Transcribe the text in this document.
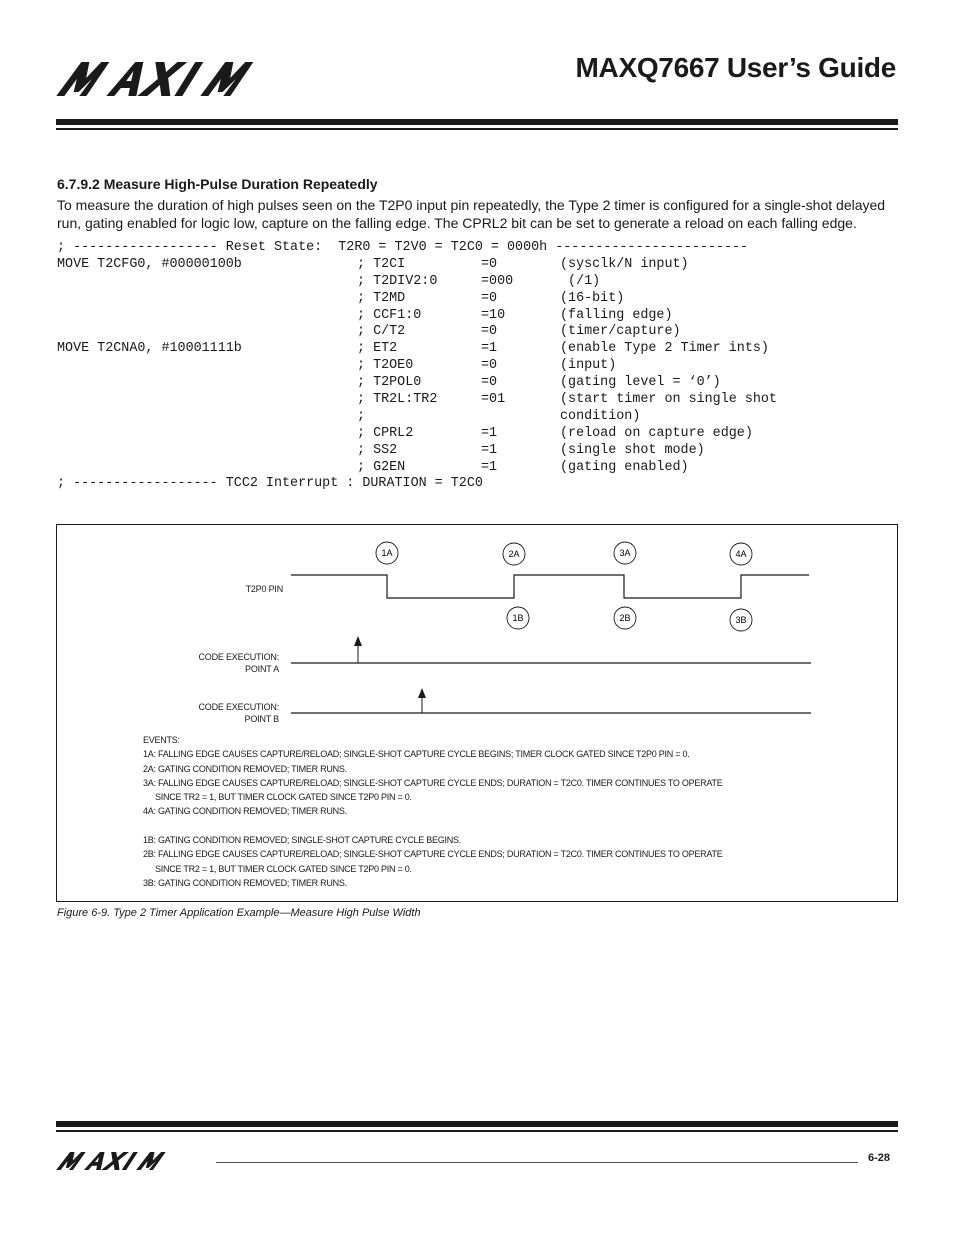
MAXQ7667 User’s Guide
6.7.9.2 Measure High-Pulse Duration Repeatedly
To measure the duration of high pulses seen on the T2P0 input pin repeatedly, the Type 2 timer is configured for a single-shot delayed run, gating enabled for logic low, capture on the falling edge. The CPRL2 bit can be set to generate a reload on each falling edge.
; ------------------ Reset State:  T2R0 = T2V0 = T2C0 = 0000h ------------------------
MOVE T2CFG0, #00000100b	; T2CI	=0	(sysclk/N input)
; T2DIV2:0	=000	(/1)
; T2MD	=0	(16-bit)
; CCF1:0	=10	(falling edge)
; C/T2	=0	(timer/capture)
MOVE T2CNA0, #10001111b	; ET2	=1	(enable Type 2 Timer ints)
; T2OE0	=0	(input)
; T2POL0	=0	(gating level = ‘0’)
; TR2L:TR2	=01	(start timer on single shot
;	condition)
; CPRL2	=1	(reload on capture edge)
; SS2	=1	(single shot mode)
; G2EN	=1	(gating enabled)
; ------------------ TCC2 Interrupt : DURATION = T2C0
1A	2A	3A	4A
1B	2B	3B
T2P0 PIN
CODE EXECUTION:
POINT A
CODE EXECUTION:
POINT B
EVENTS:
1A: FALLING EDGE CAUSES CAPTURE/RELOAD; SINGLE-SHOT CAPTURE CYCLE BEGINS; TIMER CLOCK GATED SINCE T2P0 PIN = 0.
2A: GATING CONDITION REMOVED; TIMER RUNS.
3A: FALLING EDGE CAUSES CAPTURE/RELOAD; SINGLE-SHOT CAPTURE CYCLE ENDS; DURATION = T2C0. TIMER CONTINUES TO OPERATE
SINCE TR2 = 1, BUT TIMER CLOCK GATED SINCE T2P0 PIN = 0.
4A: GATING CONDITION REMOVED; TIMER RUNS.
1B: GATING CONDITION REMOVED; SINGLE-SHOT CAPTURE CYCLE BEGINS.
2B: FALLING EDGE CAUSES CAPTURE/RELOAD; SINGLE-SHOT CAPTURE CYCLE ENDS; DURATION = T2C0. TIMER CONTINUES TO OPERATE
SINCE TR2 = 1, BUT TIMER CLOCK GATED SINCE T2P0 PIN = 0.
3B: GATING CONDITION REMOVED; TIMER RUNS.
Figure 6-9. Type 2 Timer Application Example—Measure High Pulse Width
6-28
